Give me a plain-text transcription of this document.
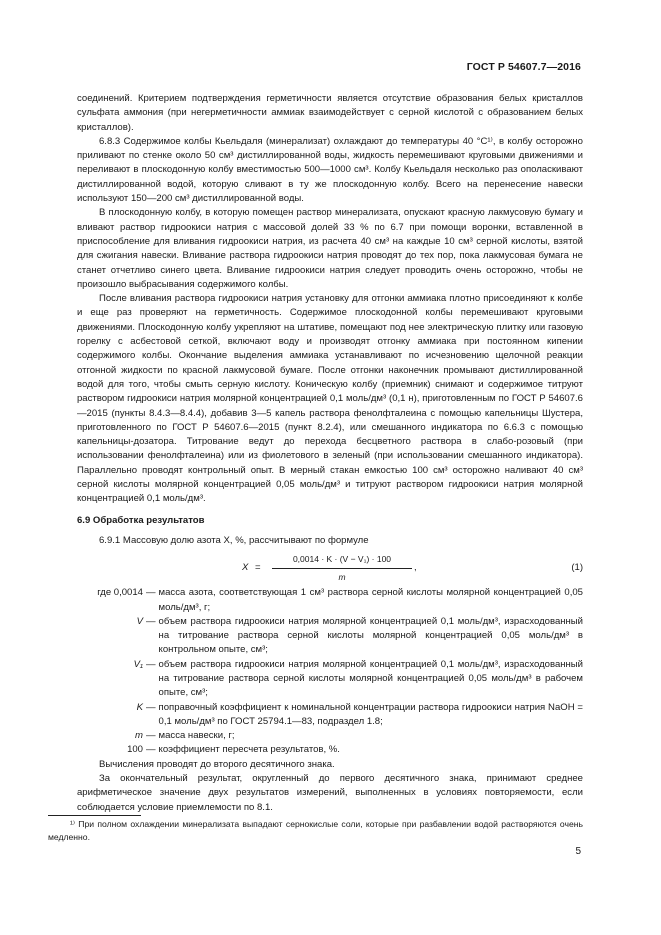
ГОСТ Р 54607.7—2016

соединений. Критерием подтверждения герметичности является отсутствие образования белых кристаллов сульфата аммония (при негерметичности аммиак взаимодействует с серной кислотой с образованием белых кристаллов).

6.8.3 Содержимое колбы Кьельдаля (минерализат) охлаждают до температуры 40 °С¹⁾, в колбу осторожно приливают по стенке около 50 см³ дистиллированной воды, жидкость перемешивают круговыми движениями и переливают в плоскодонную колбу вместимостью 500—1000 см³. Колбу Кьельдаля несколько раз ополаскивают дистиллированной водой, которую сливают в ту же плоскодонную колбу. Всего на перенесение навески используют 150—200 см³ дистиллированной воды.

В плоскодонную колбу, в которую помещен раствор минерализата, опускают красную лакмусовую бумагу и вливают раствор гидроокиси натрия с массовой долей 33 % по 6.7 при помощи воронки, вставленной в приспособление для вливания гидроокиси натрия, из расчета 40 см³ на каждые 10 см³ серной кислоты, взятой для сжигания навески. Вливание раствора гидроокиси натрия проводят до тех пор, пока лакмусовая бумага не станет отчетливо синего цвета. Вливание гидроокиси натрия следует проводить очень осторожно, чтобы не произошло выбрасывания содержимого колбы.

После вливания раствора гидроокиси натрия установку для отгонки аммиака плотно присоединяют к колбе и еще раз проверяют на герметичность. Содержимое плоскодонной колбы перемешивают круговыми движениями. Плоскодонную колбу укрепляют на штативе, помещают под нее электрическую плитку или газовую горелку с асбестовой сеткой, включают воду и производят отгонку аммиака при постоянном кипении содержимого колбы. Окончание выделения аммиака устанавливают по исчезновению щелочной реакции отгонной жидкости по красной лакмусовой бумаге. После отгонки наконечник промывают дистиллированной водой для того, чтобы смыть серную кислоту. Коническую колбу (приемник) снимают и содержимое титруют раствором гидроокиси натрия молярной концентрацией 0,1 моль/дм³ (0,1 н), приготовленным по ГОСТ Р 54607.6—2015 (пункты 8.4.3—8.4.4), добавив 3—5 капель раствора фенолфталеина с помощью капельницы Шустера, приготовленного по ГОСТ Р 54607.6—2015 (пункт 8.2.4), или смешанного индикатора по 6.6.3 с помощью капельницы-дозатора. Титрование ведут до перехода бесцветного раствора в слабо-розовый (при использовании фенолфталеина) или из фиолетового в зеленый (при использовании смешанного индикатора). Параллельно проводят контрольный опыт. В мерный стакан емкостью 100 см³ осторожно наливают 40 см³ серной кислоты молярной концентрацией 0,05 моль/дм³ и титруют раствором гидроокиси натрия молярной концентрацией 0,1 моль/дм³.

6.9 Обработка результатов

6.9.1 Массовую долю азота X, %, рассчитывают по формуле

$X = \frac{\text{0,0014 · K · (V − V₁) · 100}}{m}$ ,	(1)
где 0,0014 — масса азота, соответствующая 1 см³ раствора серной кислоты молярной концентрацией 0,05 моль/дм³, г;
V — объем раствора гидроокиси натрия молярной концентрацией 0,1 моль/дм³, израсходованный на титрование раствора серной кислоты молярной концентрацией 0,05 моль/дм³ в контрольном опыте, см³;
V₁ — объем раствора гидроокиси натрия молярной концентрацией 0,1 моль/дм³, израсходованный на титрование раствора серной кислоты молярной концентрацией 0,05 моль/дм³ в рабочем опыте, см³;
K — поправочный коэффициент к номинальной концентрации раствора гидроокиси натрия NaOH = 0,1 моль/дм³ по ГОСТ 25794.1—83, подраздел 1.8;
m — масса навески, г;
100 — коэффициент пересчета результатов, %.

Вычисления проводят до второго десятичного знака.

За окончательный результат, округленный до первого десятичного знака, принимают среднее арифметическое значение двух результатов измерений, выполненных в условиях повторяемости, если соблюдается условие приемлемости по 8.1.

¹⁾ При полном охлаждении минерализата выпадают сернокислые соли, которые при разбавлении водой растворяются очень медленно.
5
